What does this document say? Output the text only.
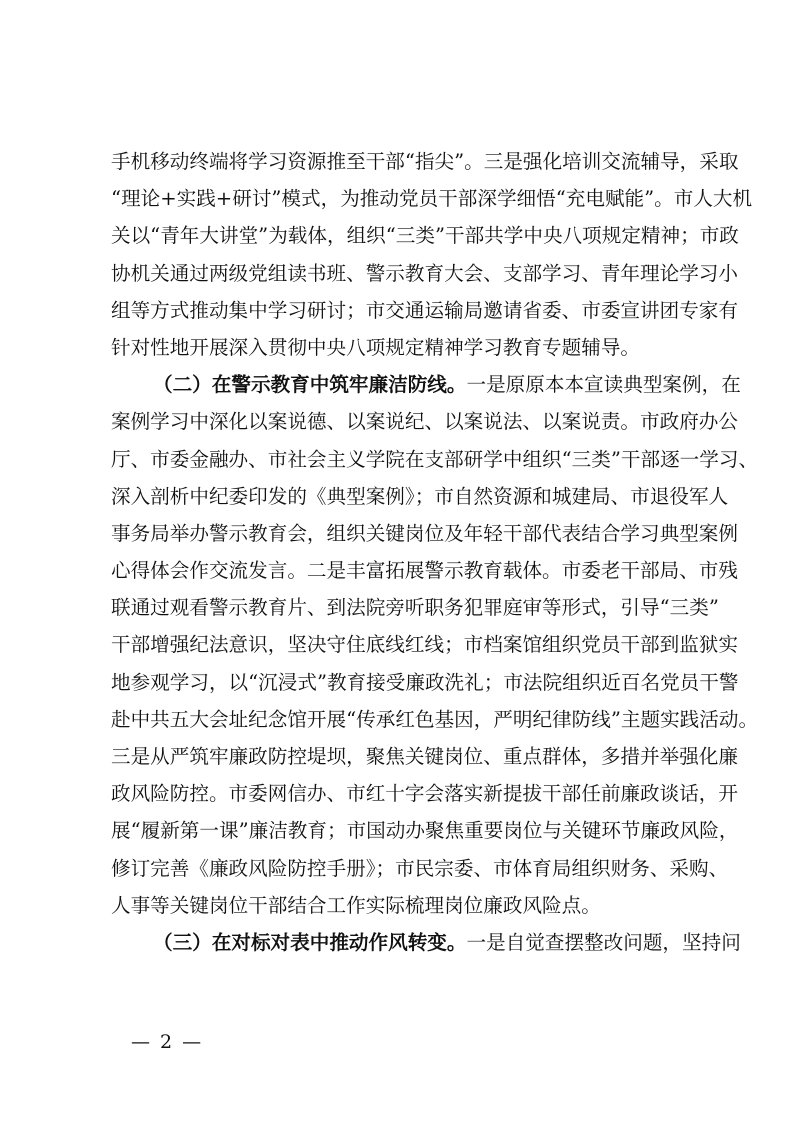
手机移动终端将学习资源推至干部“指尖”。三是强化培训交流辅导，采取
“理论+实践+研讨”模式，为推动党员干部深学细悟“充电赋能”。市人大机
关以“青年大讲堂”为载体，组织“三类”干部共学中央八项规定精神；市政
协机关通过两级党组读书班、警示教育大会、支部学习、青年理论学习小
组等方式推动集中学习研讨；市交通运输局邀请省委、市委宣讲团专家有
针对性地开展深入贯彻中央八项规定精神学习教育专题辅导。
（二）在警示教育中筑牢廉洁防线。一是原原本本宣读典型案例，在
案例学习中深化以案说德、以案说纪、以案说法、以案说责。市政府办公
厅、市委金融办、市社会主义学院在支部研学中组织“三类”干部逐一学习、
深入剖析中纪委印发的《典型案例》；市自然资源和城建局、市退役军人
事务局举办警示教育会，组织关键岗位及年轻干部代表结合学习典型案例
心得体会作交流发言。二是丰富拓展警示教育载体。市委老干部局、市残
联通过观看警示教育片、到法院旁听职务犯罪庭审等形式，引导“三类”
干部增强纪法意识，坚决守住底线红线；市档案馆组织党员干部到监狱实
地参观学习，以“沉浸式”教育接受廉政洗礼；市法院组织近百名党员干警
赴中共五大会址纪念馆开展“传承红色基因，严明纪律防线”主题实践活动。
三是从严筑牢廉政防控堤坝，聚焦关键岗位、重点群体，多措并举强化廉
政风险防控。市委网信办、市红十字会落实新提拔干部任前廉政谈话，开
展“履新第一课”廉洁教育；市国动办聚焦重要岗位与关键环节廉政风险，
修订完善《廉政风险防控手册》；市民宗委、市体育局组织财务、采购、
人事等关键岗位干部结合工作实际梳理岗位廉政风险点。
（三）在对标对表中推动作风转变。一是自觉查摆整改问题，坚持问
— 2 —
